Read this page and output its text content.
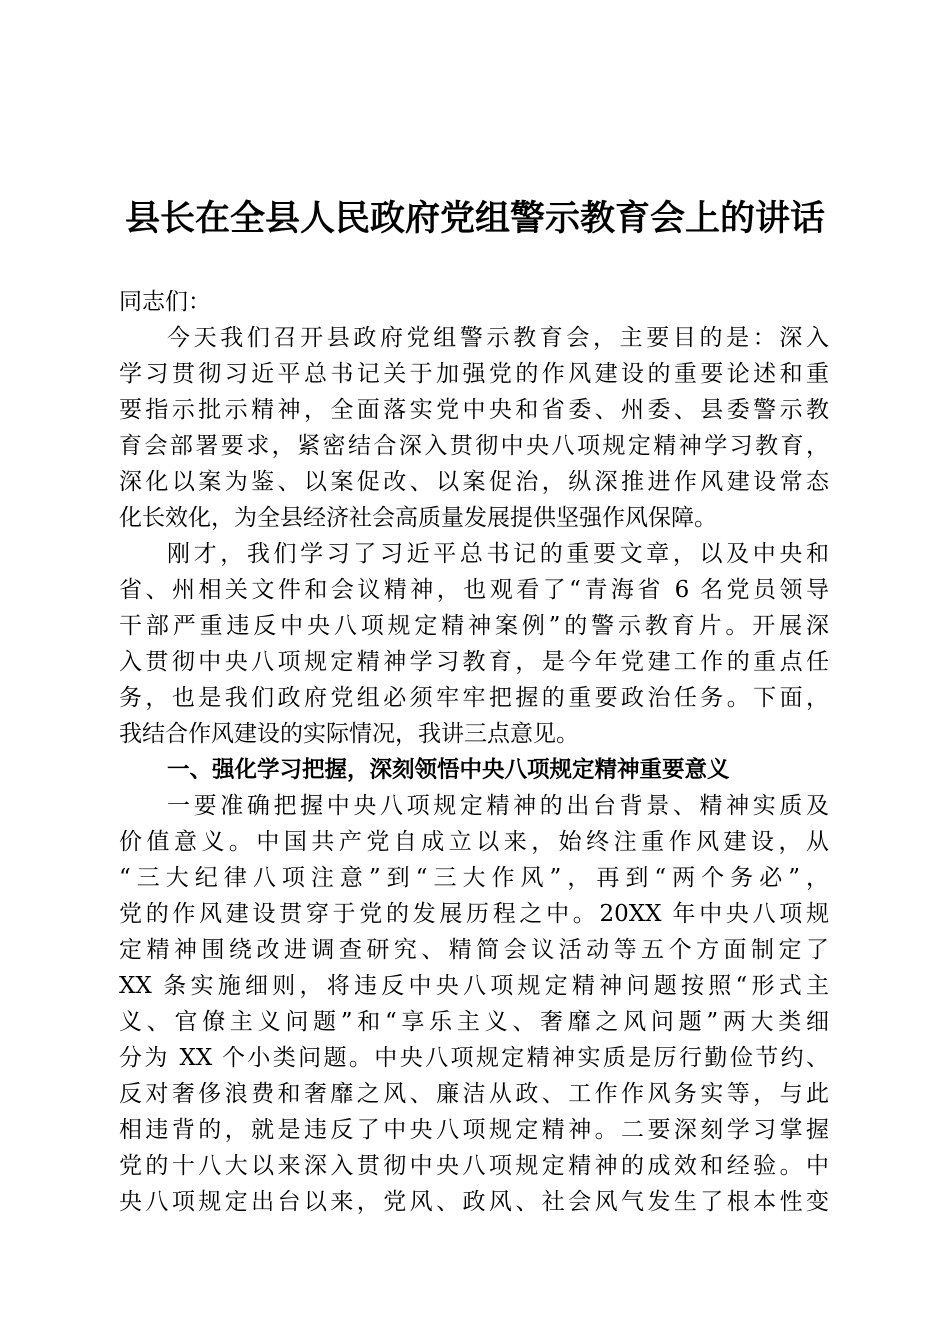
县长在全县人民政府党组警示教育会上的讲话
同志们：
今天我们召开县政府党组警示教育会，主要目的是：深入
学习贯彻习近平总书记关于加强党的作风建设的重要论述和重
要指示批示精神，全面落实党中央和省委、州委、县委警示教
育会部署要求，紧密结合深入贯彻中央八项规定精神学习教育，
深化以案为鉴、以案促改、以案促治，纵深推进作风建设常态
化长效化，为全县经济社会高质量发展提供坚强作风保障。
刚才，我们学习了习近平总书记的重要文章，以及中央和
省、州相关文件和会议精神，也观看了“青海省 6 名党员领导
干部严重违反中央八项规定精神案例”的警示教育片。开展深
入贯彻中央八项规定精神学习教育，是今年党建工作的重点任
务，也是我们政府党组必须牢牢把握的重要政治任务。下面，
我结合作风建设的实际情况，我讲三点意见。
一、强化学习把握，深刻领悟中央八项规定精神重要意义
一要准确把握中央八项规定精神的出台背景、精神实质及
价值意义。中国共产党自成立以来，始终注重作风建设，从
“三大纪律八项注意”到“三大作风”，再到“两个务必”，
党的作风建设贯穿于党的发展历程之中。20XX 年中央八项规
定精神围绕改进调查研究、精简会议活动等五个方面制定了
XX 条实施细则，将违反中央八项规定精神问题按照“形式主
义、官僚主义问题”和“享乐主义、奢靡之风问题”两大类细
分为 XX 个小类问题。中央八项规定精神实质是厉行勤俭节约、
反对奢侈浪费和奢靡之风、廉洁从政、工作作风务实等，与此
相违背的，就是违反了中央八项规定精神。二要深刻学习掌握
党的十八大以来深入贯彻中央八项规定精神的成效和经验。中
央八项规定出台以来，党风、政风、社会风气发生了根本性变
